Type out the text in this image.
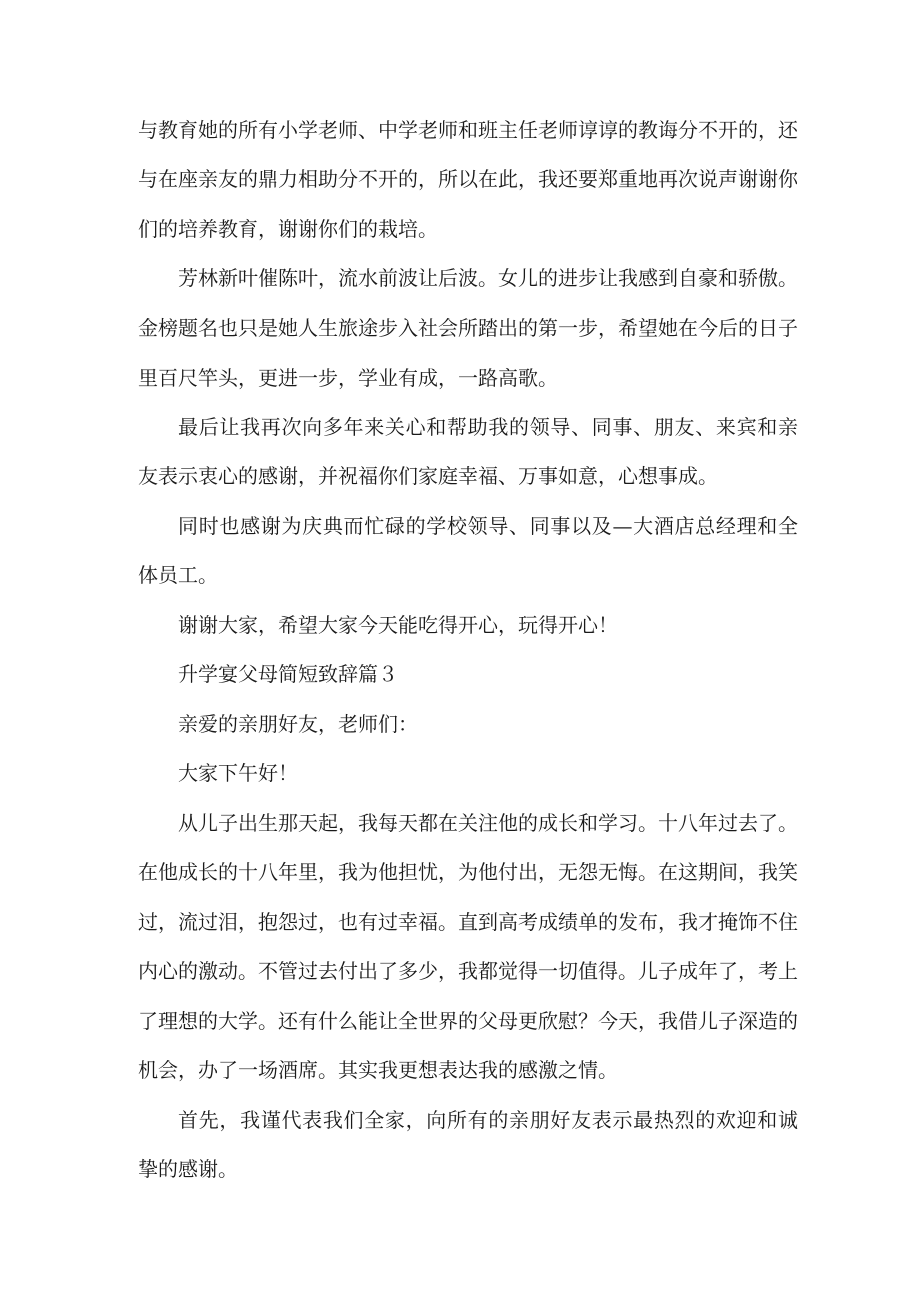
与教育她的所有小学老师、中学老师和班主任老师谆谆的教诲分不开的，还
与在座亲友的鼎力相助分不开的，所以在此，我还要郑重地再次说声谢谢你
们的培养教育，谢谢你们的栽培。
芳林新叶催陈叶，流水前波让后波。女儿的进步让我感到自豪和骄傲。
金榜题名也只是她人生旅途步入社会所踏出的第一步，希望她在今后的日子
里百尺竿头，更进一步，学业有成，一路高歌。
最后让我再次向多年来关心和帮助我的领导、同事、朋友、来宾和亲
友表示衷心的感谢，并祝福你们家庭幸福、万事如意，心想事成。
同时也感谢为庆典而忙碌的学校领导、同事以及—大酒店总经理和全
体员工。
谢谢大家，希望大家今天能吃得开心，玩得开心！
升学宴父母简短致辞篇３
亲爱的亲朋好友，老师们：
大家下午好！
从儿子出生那天起，我每天都在关注他的成长和学习。十八年过去了。
在他成长的十八年里，我为他担忧，为他付出，无怨无悔。在这期间，我笑
过，流过泪，抱怨过，也有过幸福。直到高考成绩单的发布，我才掩饰不住
内心的激动。不管过去付出了多少，我都觉得一切值得。儿子成年了，考上
了理想的大学。还有什么能让全世界的父母更欣慰？今天，我借儿子深造的
机会，办了一场酒席。其实我更想表达我的感激之情。
首先，我谨代表我们全家，向所有的亲朋好友表示最热烈的欢迎和诚
挚的感谢。
